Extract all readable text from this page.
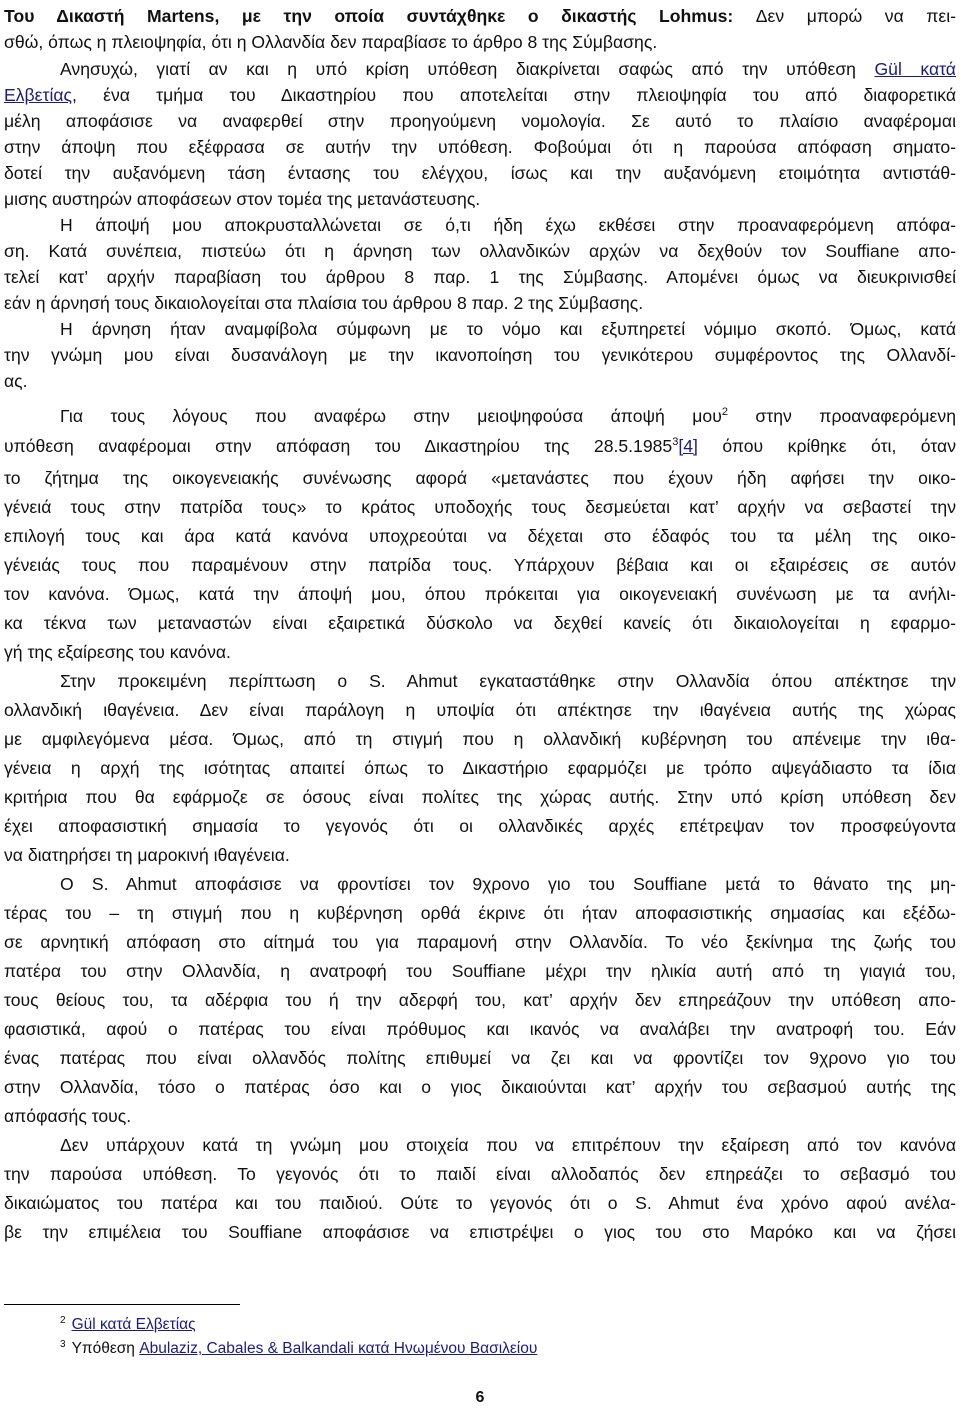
Του Δικαστή Martens, με την οποία συντάχθηκε ο δικαστής Lohmus: Δεν μπορώ να πει-
σθώ, όπως η πλειοψηφία, ότι η Ολλανδία δεν παραβίασε το άρθρο 8 της Σύμβασης.
Ανησυχώ, γιατί αν και η υπό κρίση υπόθεση διακρίνεται σαφώς από την υπόθεση Gül κατά
Ελβετίας, ένα τμήμα του Δικαστηρίου που αποτελείται στην πλειοψηφία του από διαφορετικά
μέλη αποφάσισε να αναφερθεί στην προηγούμενη νομολογία. Σε αυτό το πλαίσιο αναφέρομαι
στην άποψη που εξέφρασα σε αυτήν την υπόθεση. Φοβούμαι ότι η παρούσα απόφαση σηματο-
δοτεί την αυξανόμενη τάση έντασης του ελέγχου, ίσως και την αυξανόμενη ετοιμότητα αντιστάθ-
μισης αυστηρών αποφάσεων στον τομέα της μετανάστευσης.
Η άποψή μου αποκρυσταλλώνεται σε ό,τι ήδη έχω εκθέσει στην προαναφερόμενη απόφα-
ση. Κατά συνέπεια, πιστεύω ότι η άρνηση των ολλανδικών αρχών να δεχθούν τον Souffiane απο-
τελεί κατ’ αρχήν παραβίαση του άρθρου 8 παρ. 1 της Σύμβασης. Απομένει όμως να διευκρινισθεί
εάν η άρνησή τους δικαιολογείται στα πλαίσια του άρθρου 8 παρ. 2 της Σύμβασης.
Η άρνηση ήταν αναμφίβολα σύμφωνη με το νόμο και εξυπηρετεί νόμιμο σκοπό. Όμως, κατά
την γνώμη μου είναι δυσανάλογη με την ικανοποίηση του γενικότερου συμφέροντος της Ολλανδί-
ας.
Για τους λόγους που αναφέρω στην μειοψηφούσα άποψή μου$^2$ στην προαναφερόμενη
υπόθεση αναφέρομαι στην απόφαση του Δικαστηρίου της 28.5.1985$^3$[4] όπου κρίθηκε ότι, όταν
το ζήτημα της οικογενειακής συνένωσης αφορά «μετανάστες που έχουν ήδη αφήσει την οικο-
γένειά τους στην πατρίδα τους» το κράτος υποδοχής τους δεσμεύεται κατ’ αρχήν να σεβαστεί την
επιλογή τους και άρα κατά κανόνα υποχρεούται να δέχεται στο έδαφός του τα μέλη της οικο-
γένειάς τους που παραμένουν στην πατρίδα τους. Υπάρχουν βέβαια και οι εξαιρέσεις σε αυτόν
τον κανόνα. Όμως, κατά την άποψή μου, όπου πρόκειται για οικογενειακή συνένωση με τα ανήλι-
κα τέκνα των μεταναστών είναι εξαιρετικά δύσκολο να δεχθεί κανείς ότι δικαιολογείται η εφαρμο-
γή της εξαίρεσης του κανόνα.
Στην προκειμένη περίπτωση ο S. Ahmut εγκαταστάθηκε στην Ολλανδία όπου απέκτησε την
ολλανδική ιθαγένεια. Δεν είναι παράλογη η υποψία ότι απέκτησε την ιθαγένεια αυτής της χώρας
με αμφιλεγόμενα μέσα. Όμως, από τη στιγμή που η ολλανδική κυβέρνηση του απένειμε την ιθα-
γένεια η αρχή της ισότητας απαιτεί όπως το Δικαστήριο εφαρμόζει με τρόπο αψεγάδιαστο τα ίδια
κριτήρια που θα εφάρμοζε σε όσους είναι πολίτες της χώρας αυτής. Στην υπό κρίση υπόθεση δεν
έχει αποφασιστική σημασία το γεγονός ότι οι ολλανδικές αρχές επέτρεψαν τον προσφεύγοντα
να διατηρήσει τη μαροκινή ιθαγένεια.
Ο S. Ahmut αποφάσισε να φροντίσει τον 9χρονο γιο του Souffiane μετά το θάνατο της μη-
τέρας του – τη στιγμή που η κυβέρνηση ορθά έκρινε ότι ήταν αποφασιστικής σημασίας και εξέδω-
σε αρνητική απόφαση στο αίτημά του για παραμονή στην Ολλανδία. Το νέο ξεκίνημα της ζωής του
πατέρα του στην Ολλανδία, η ανατροφή του Souffiane μέχρι την ηλικία αυτή από τη γιαγιά του,
τους θείους του, τα αδέρφια του ή την αδερφή του, κατ’ αρχήν δεν επηρεάζουν την υπόθεση απο-
φασιστικά, αφού ο πατέρας του είναι πρόθυμος και ικανός να αναλάβει την ανατροφή του. Εάν
ένας πατέρας που είναι ολλανδός πολίτης επιθυμεί να ζει και να φροντίζει τον 9χρονο γιο του
στην Ολλανδία, τόσο ο πατέρας όσο και ο γιος δικαιούνται κατ’ αρχήν του σεβασμού αυτής της
απόφασής τους.
Δεν υπάρχουν κατά τη γνώμη μου στοιχεία που να επιτρέπουν την εξαίρεση από τον κανόνα
την παρούσα υπόθεση. Το γεγονός ότι το παιδί είναι αλλοδαπός δεν επηρεάζει το σεβασμό του
δικαιώματος του πατέρα και του παιδιού. Ούτε το γεγονός ότι ο S. Ahmut ένα χρόνο αφού ανέλα-
βε την επιμέλεια του Souffiane αποφάσισε να επιστρέψει ο γιος του στο Μαρόκο και να ζήσει
$^2$ Gül κατά Ελβετίας
$^3$ Υπόθεση Abulaziz, Cabales & Balkandali κατά Ηνωμένου Βασιλείου
6
